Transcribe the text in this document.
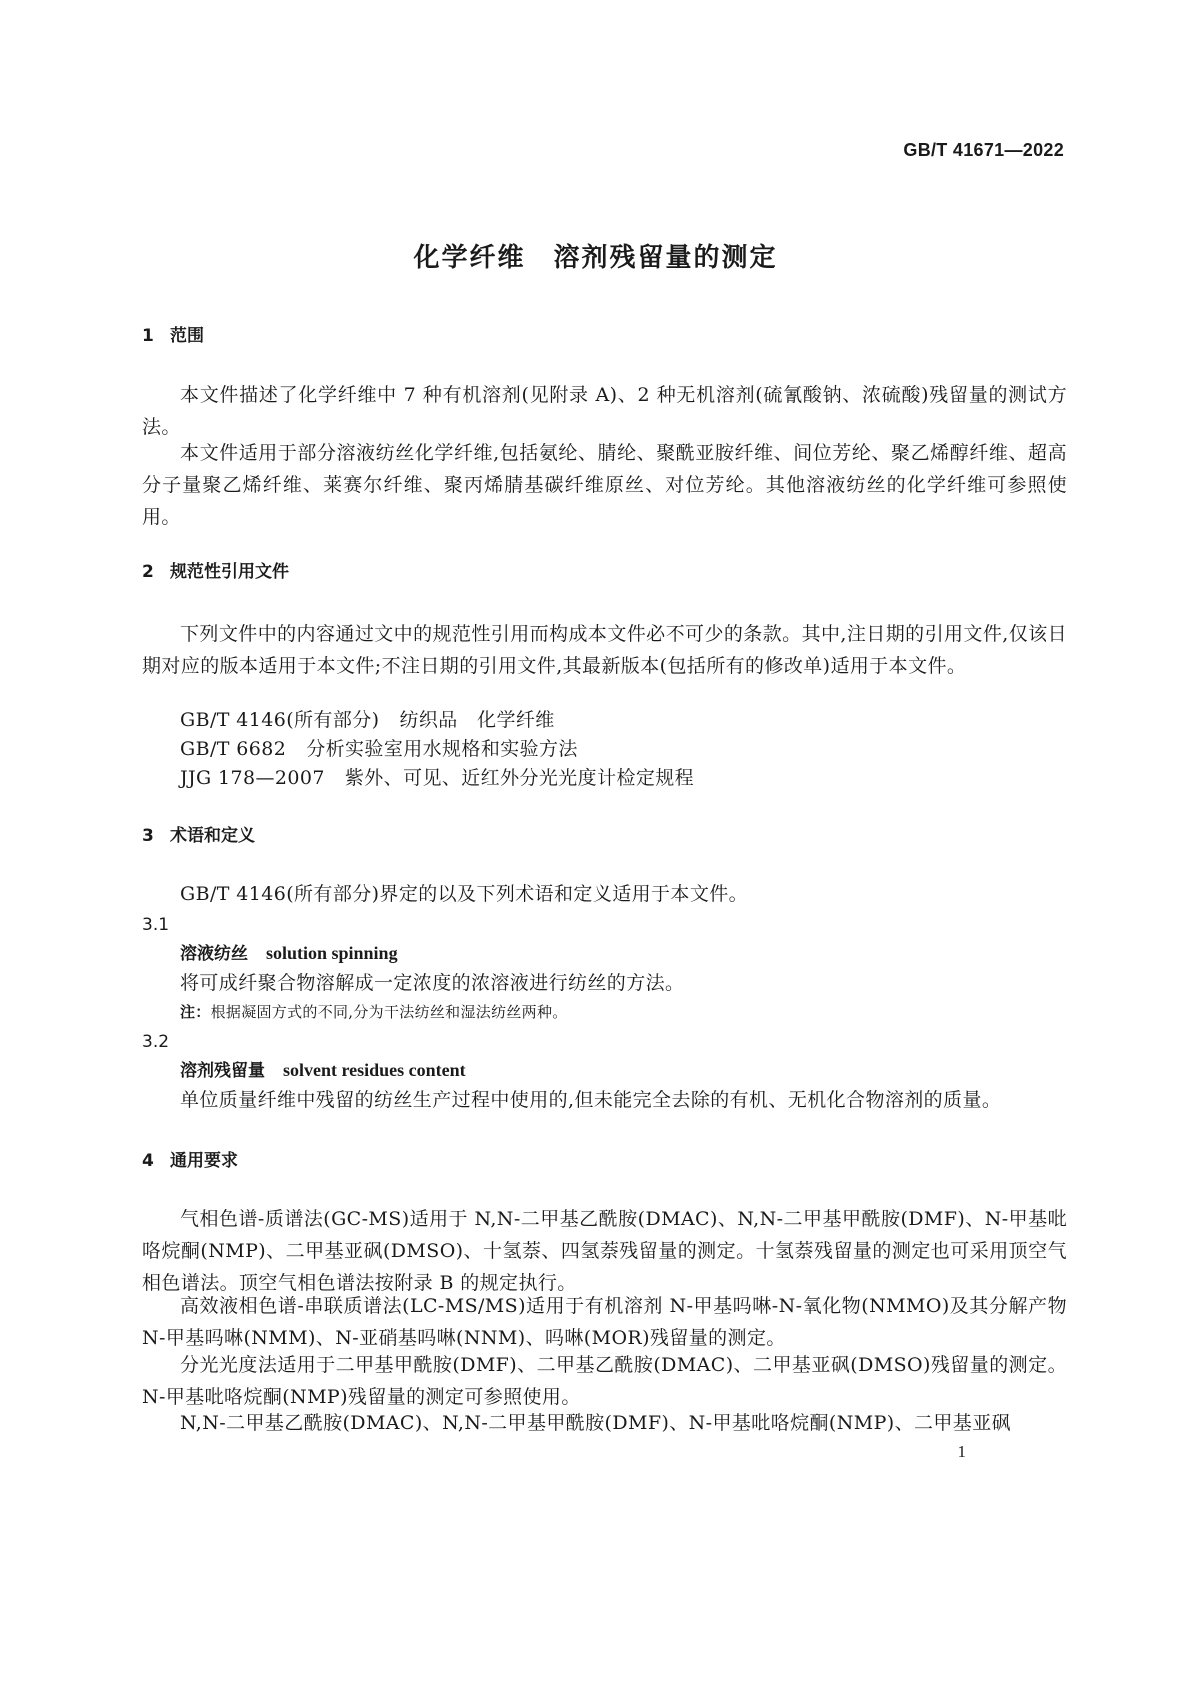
GB/T 41671—2022
化学纤维　溶剂残留量的测定
1 范围
本文件描述了化学纤维中 7 种有机溶剂(见附录 A)、2 种无机溶剂(硫氰酸钠、浓硫酸)残留量的测试方法。
本文件适用于部分溶液纺丝化学纤维,包括氨纶、腈纶、聚酰亚胺纤维、间位芳纶、聚乙烯醇纤维、超高分子量聚乙烯纤维、莱赛尔纤维、聚丙烯腈基碳纤维原丝、对位芳纶。其他溶液纺丝的化学纤维可参照使用。
2 规范性引用文件
下列文件中的内容通过文中的规范性引用而构成本文件必不可少的条款。其中,注日期的引用文件,仅该日期对应的版本适用于本文件;不注日期的引用文件,其最新版本(包括所有的修改单)适用于本文件。
GB/T 4146(所有部分) 纺织品　化学纤维
GB/T 6682 分析实验室用水规格和实验方法
JJG 178—2007 紫外、可见、近红外分光光度计检定规程
3 术语和定义
GB/T 4146(所有部分)界定的以及下列术语和定义适用于本文件。
3.1
溶液纺丝 solution spinning
将可成纤聚合物溶解成一定浓度的浓溶液进行纺丝的方法。
注：根据凝固方式的不同,分为干法纺丝和湿法纺丝两种。
3.2
溶剂残留量 solvent residues content
单位质量纤维中残留的纺丝生产过程中使用的,但未能完全去除的有机、无机化合物溶剂的质量。
4 通用要求
气相色谱-质谱法(GC-MS)适用于 N,N-二甲基乙酰胺(DMAC)、N,N-二甲基甲酰胺(DMF)、N-甲基吡咯烷酮(NMP)、二甲基亚砜(DMSO)、十氢萘、四氢萘残留量的测定。十氢萘残留量的测定也可采用顶空气相色谱法。顶空气相色谱法按附录 B 的规定执行。
高效液相色谱-串联质谱法(LC-MS/MS)适用于有机溶剂 N-甲基吗啉-N-氧化物(NMMO)及其分解产物 N-甲基吗啉(NMM)、N-亚硝基吗啉(NNM)、吗啉(MOR)残留量的测定。
分光光度法适用于二甲基甲酰胺(DMF)、二甲基乙酰胺(DMAC)、二甲基亚砜(DMSO)残留量的测定。N-甲基吡咯烷酮(NMP)残留量的测定可参照使用。
N,N-二甲基乙酰胺(DMAC)、N,N-二甲基甲酰胺(DMF)、N-甲基吡咯烷酮(NMP)、二甲基亚砜
1
